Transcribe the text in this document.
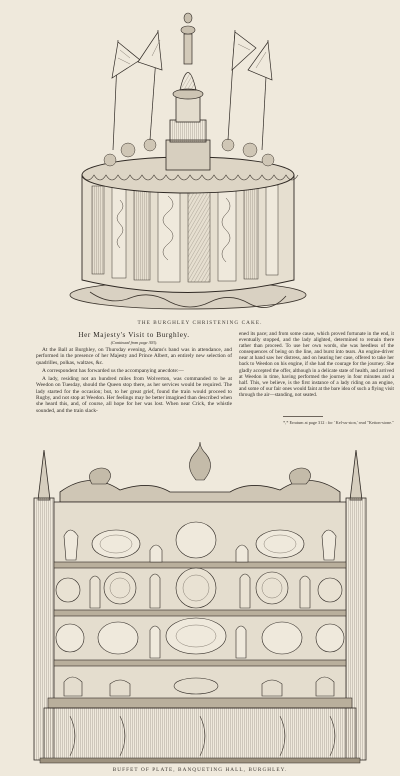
THE BURGHLEY CHRISTENING CAKE.
Her Majesty's Visit to Burghley.
(Continued from page 303).

At the Ball at Burghley, on Thursday evening, Adams's band was in attendance, and performed in the presence of her Majesty and Prince Albert, an entirely new selection of quadrilles, polkas, waltzes, &c.

A correspondent has forwarded us the accompanying anecdote:—

A lady, residing not an hundred miles from Wolverton, was commanded to be at Weedon on Tuesday, should the Queen stop there, as her services would be required. The lady started for the occasion; but, to her great grief, found the train would proceed to Rugby, and not stop at Weedon. Her feelings may be better imagined than described when she heard this, and, of course, all hope for her was lost. When near Crick, the whistle sounded, and the train slack-

ened its pace; and from some cause, which proved fortunate in the end, it eventually stopped, and the lady alighted, determined to remain there rather than proceed. To use her own words, she was heedless of the consequences of being on the line, and burst into tears. An engine-driver near at hand saw her distress, and on hearing her case, offered to take her back to Weedon on his engine, if she had the courage for the journey. She gladly accepted the offer, although in a delicate state of health, and arrived at Weedon in time, having performed the journey in four minutes and a half. This, we believe, is the first instance of a lady riding on an engine, and some of our fair ones would faint at the bare idea of such a flying visit through the air—standing, not seated.

*,* Erratum at page 312 : for ' Kel-us-ston,' read "Ketton-stone."
BUFFET OF PLATE, BANQUETING HALL, BURGHLEY.
